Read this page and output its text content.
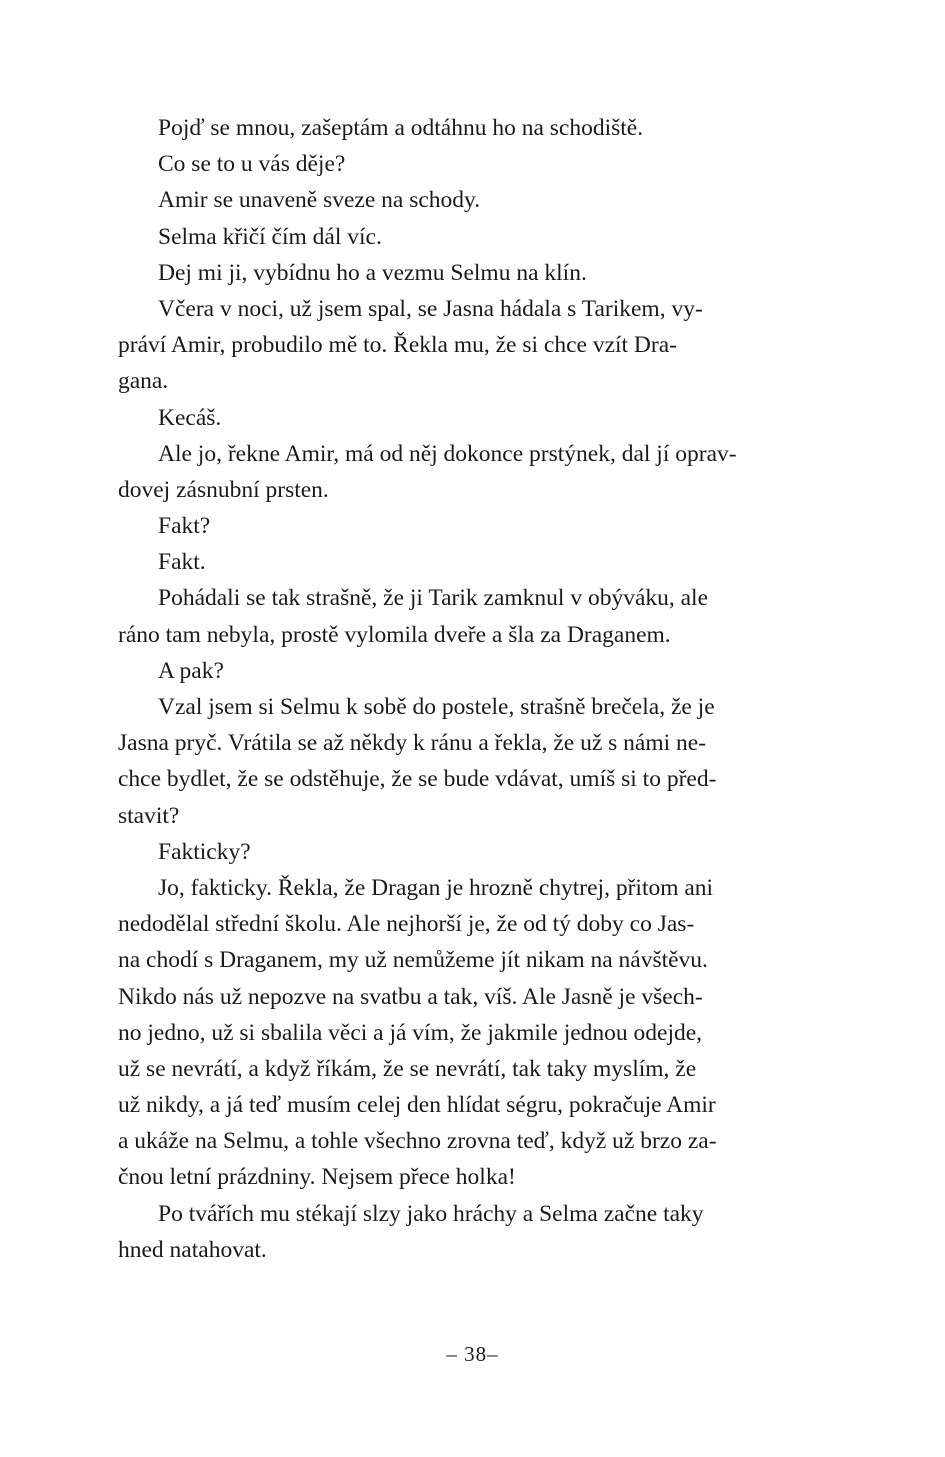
Pojď se mnou, zašeptám a odtáhnu ho na schodiště.
Co se to u vás děje?
Amir se unaveně sveze na schody.
Selma křičí čím dál víc.
Dej mi ji, vybídnu ho a vezmu Selmu na klín.
Včera v noci, už jsem spal, se Jasna hádala s Tarikem, vy-
práví Amir, probudilo mě to. Řekla mu, že si chce vzít Dra-
gana.
Kecáš.
Ale jo, řekne Amir, má od něj dokonce prstýnek, dal jí oprav-
dovej zásnubní prsten.
Fakt?
Fakt.
Pohádali se tak strašně, že ji Tarik zamknul v obýváku, ale
ráno tam nebyla, prostě vylomila dveře a šla za Draganem.
A pak?
Vzal jsem si Selmu k sobě do postele, strašně brečela, že je
Jasna pryč. Vrátila se až někdy k ránu a řekla, že už s námi ne-
chce bydlet, že se odstěhuje, že se bude vdávat, umíš si to před-
stavit?
Fakticky?
Jo, fakticky. Řekla, že Dragan je hrozně chytrej, přitom ani
nedodělal střední školu. Ale nejhorší je, že od tý doby co Jas-
na chodí s Draganem, my už nemůžeme jít nikam na návštěvu.
Nikdo nás už nepozve na svatbu a tak, víš. Ale Jasně je všech-
no jedno, už si sbalila věci a já vím, že jakmile jednou odejde,
už se nevrátí, a když říkám, že se nevrátí, tak taky myslím, že
už nikdy, a já teď musím celej den hlídat ségru, pokračuje Amir
a ukáže na Selmu, a tohle všechno zrovna teď, když už brzo za-
čnou letní prázdniny. Nejsem přece holka!
Po tvářích mu stékají slzy jako hráchy a Selma začne taky
hned natahovat.
– 38–
